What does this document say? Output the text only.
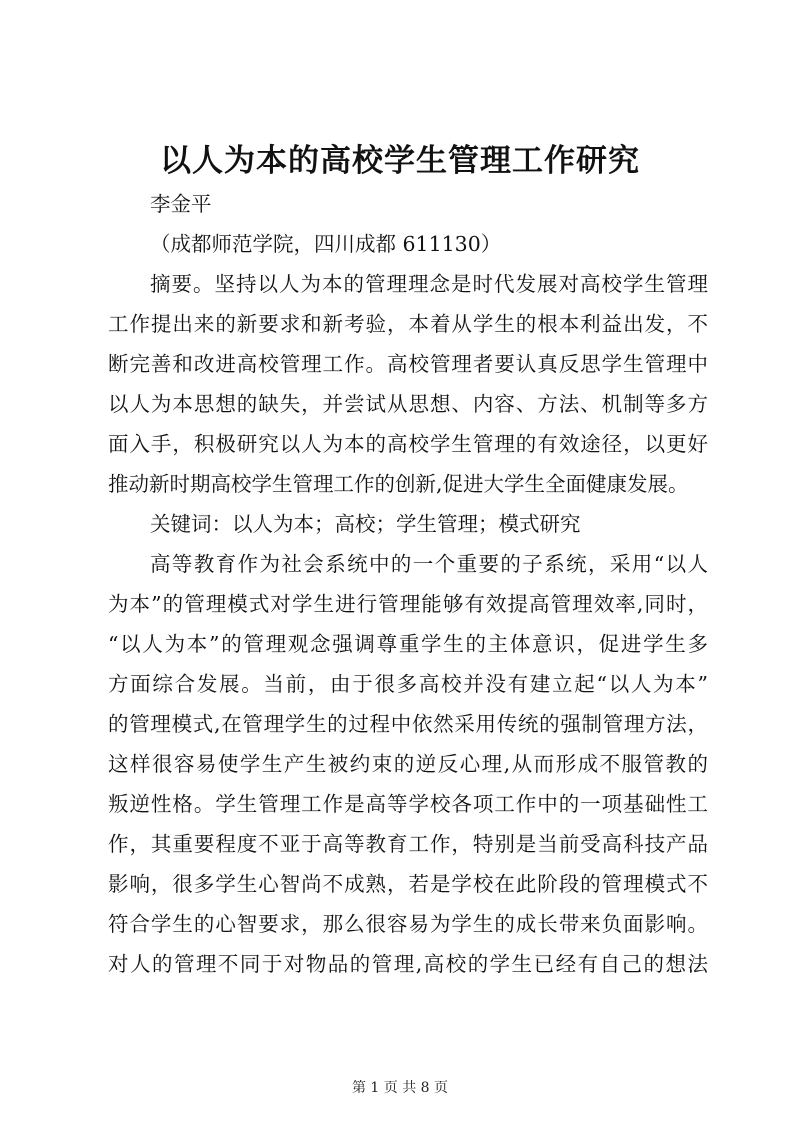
以人为本的高校学生管理工作研究
李金平
（成都师范学院，四川成都 611130）
摘要。坚持以人为本的管理理念是时代发展对高校学生管理
工作提出来的新要求和新考验，本着从学生的根本利益出发，不
断完善和改进高校管理工作。高校管理者要认真反思学生管理中
以人为本思想的缺失，并尝试从思想、内容、方法、机制等多方
面入手，积极研究以人为本的高校学生管理的有效途径，以更好
推动新时期高校学生管理工作的创新,促进大学生全面健康发展。
关键词：以人为本；高校；学生管理；模式研究
高等教育作为社会系统中的一个重要的子系统，采用“以人
为本”的管理模式对学生进行管理能够有效提高管理效率,同时，
“以人为本”的管理观念强调尊重学生的主体意识，促进学生多
方面综合发展。当前，由于很多高校并没有建立起“以人为本”
的管理模式,在管理学生的过程中依然采用传统的强制管理方法，
这样很容易使学生产生被约束的逆反心理,从而形成不服管教的
叛逆性格。学生管理工作是高等学校各项工作中的一项基础性工
作，其重要程度不亚于高等教育工作，特别是当前受高科技产品
影响，很多学生心智尚不成熟，若是学校在此阶段的管理模式不
符合学生的心智要求，那么很容易为学生的成长带来负面影响。
对人的管理不同于对物品的管理,高校的学生已经有自己的想法
第 1 页 共 8 页
